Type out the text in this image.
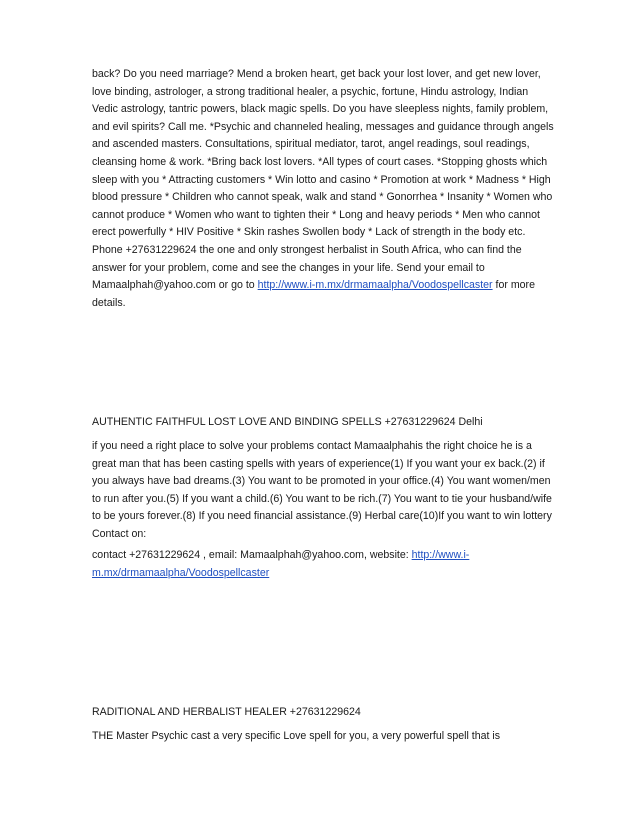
back? Do you need marriage? Mend a broken heart, get back your lost lover, and get new lover, love binding, astrologer, a strong traditional healer, a psychic, fortune, Hindu astrology, Indian Vedic astrology, tantric powers, black magic spells. Do you have sleepless nights, family problem, and evil spirits? Call me. *Psychic and channeled healing, messages and guidance through angels and ascended masters. Consultations, spiritual mediator, tarot, angel readings, soul readings, cleansing home & work. *Bring back lost lovers. *All types of court cases. *Stopping ghosts which sleep with you * Attracting customers * Win lotto and casino * Promotion at work * Madness * High blood pressure * Children who cannot speak, walk and stand * Gonorrhea * Insanity * Women who cannot produce * Women who want to tighten their * Long and heavy periods * Men who cannot erect powerfully * HIV Positive * Skin rashes Swollen body * Lack of strength in the body etc. Phone +27631229624 the one and only strongest herbalist in South Africa, who can find the answer for your problem, come and see the changes in your life. Send your email to Mamaalphah@yahoo.com or go to http://www.i-m.mx/drmamaalpha/Voodospellcaster for more details.

AUTHENTIC FAITHFUL LOST LOVE AND BINDING SPELLS +27631229624 Delhi

if you need a right place to solve your problems contact Mamaalphahis the right choice he is a great man that has been casting spells with years of experience(1) If you want your ex back.(2) if you always have bad dreams.(3) You want to be promoted in your office.(4) You want women/men to run after you.(5) If you want a child.(6) You want to be rich.(7) You want to tie your husband/wife to be yours forever.(8) If you need financial assistance.(9) Herbal care(10)If you want to win lottery Contact on:

contact +27631229624 , email: Mamaalphah@yahoo.com, website: http://www.i-m.mx/drmamaalpha/Voodospellcaster

RADITIONAL AND HERBALIST HEALER +27631229624

THE Master Psychic cast a very specific Love spell for you, a very powerful spell that is
